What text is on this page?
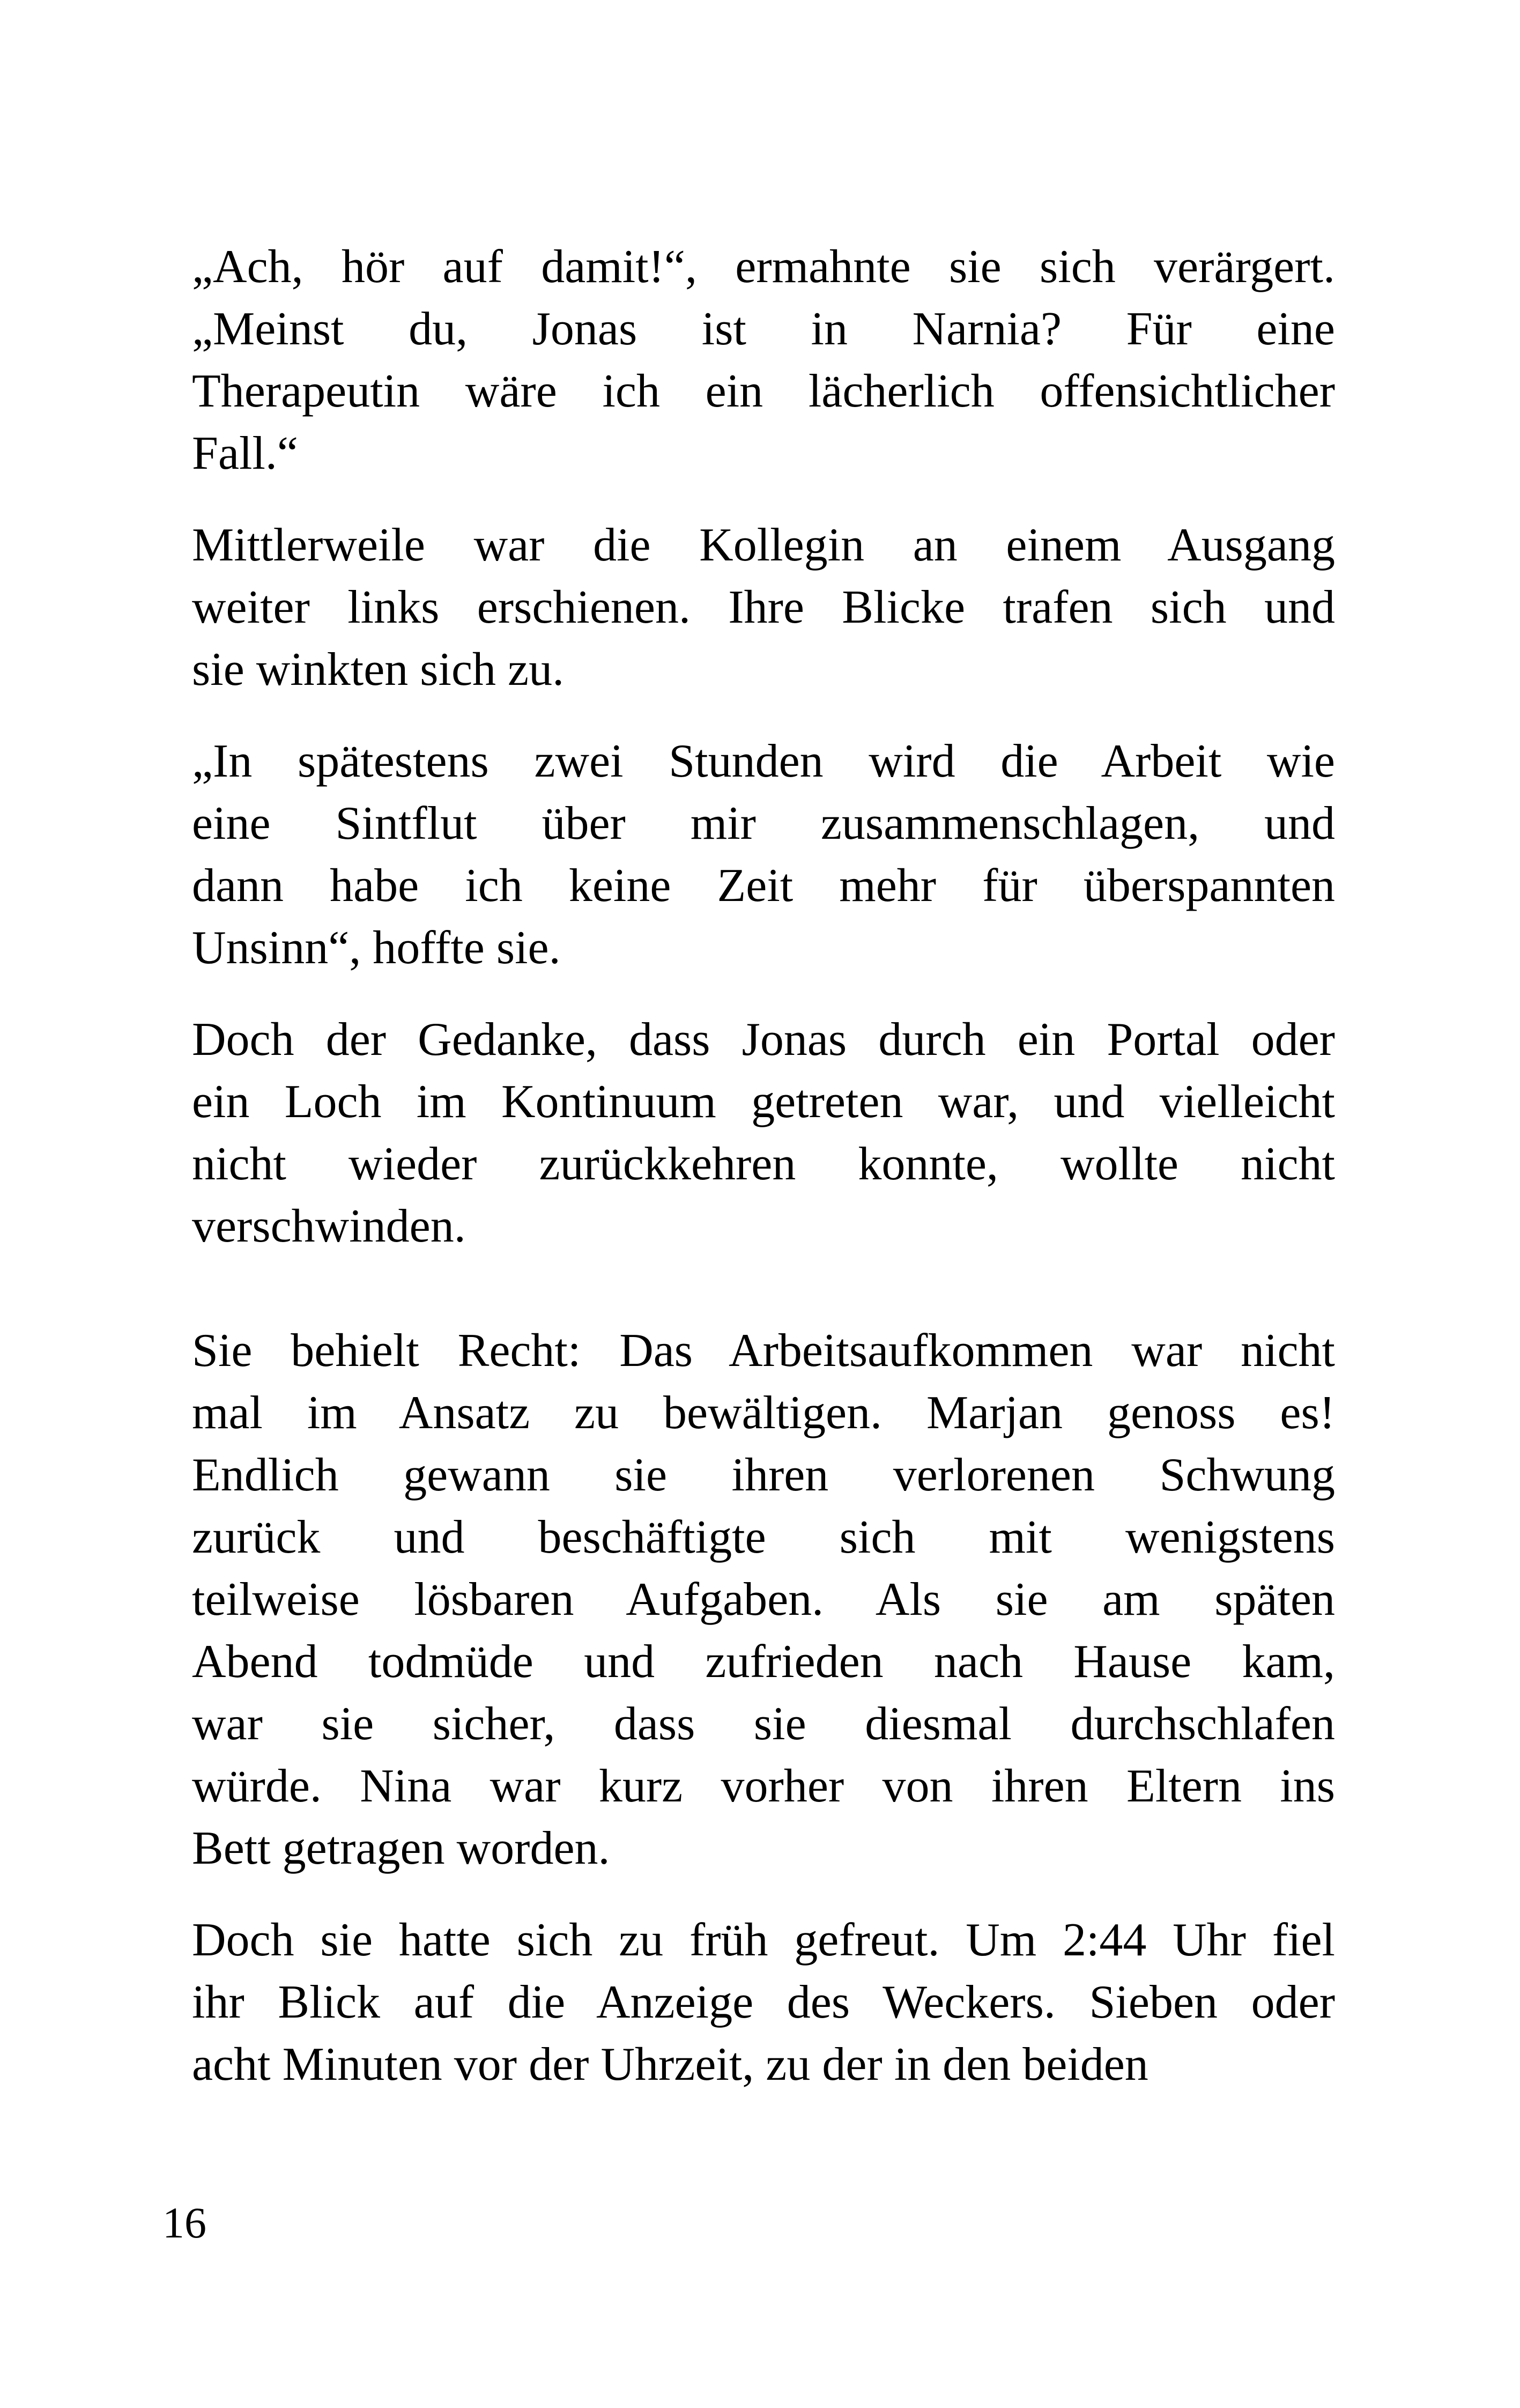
„Ach, hör auf damit!“, ermahnte sie sich verärgert.
„Meinst du, Jonas ist in Narnia? Für eine
Therapeutin wäre ich ein lächerlich offensichtlicher
Fall.“
Mittlerweile war die Kollegin an einem Ausgang
weiter links erschienen. Ihre Blicke trafen sich und
sie winkten sich zu.
„In spätestens zwei Stunden wird die Arbeit wie
eine Sintflut über mir zusammenschlagen, und
dann habe ich keine Zeit mehr für überspannten
Unsinn“, hoffte sie.
Doch der Gedanke, dass Jonas durch ein Portal oder
ein Loch im Kontinuum getreten war, und vielleicht
nicht wieder zurückkehren konnte, wollte nicht
verschwinden.
Sie behielt Recht: Das Arbeitsaufkommen war nicht
mal im Ansatz zu bewältigen. Marjan genoss es!
Endlich gewann sie ihren verlorenen Schwung
zurück und beschäftigte sich mit wenigstens
teilweise lösbaren Aufgaben. Als sie am späten
Abend todmüde und zufrieden nach Hause kam,
war sie sicher, dass sie diesmal durchschlafen
würde. Nina war kurz vorher von ihren Eltern ins
Bett getragen worden.
Doch sie hatte sich zu früh gefreut. Um 2:44 Uhr fiel
ihr Blick auf die Anzeige des Weckers. Sieben oder
acht Minuten vor der Uhrzeit, zu der in den beiden
16
